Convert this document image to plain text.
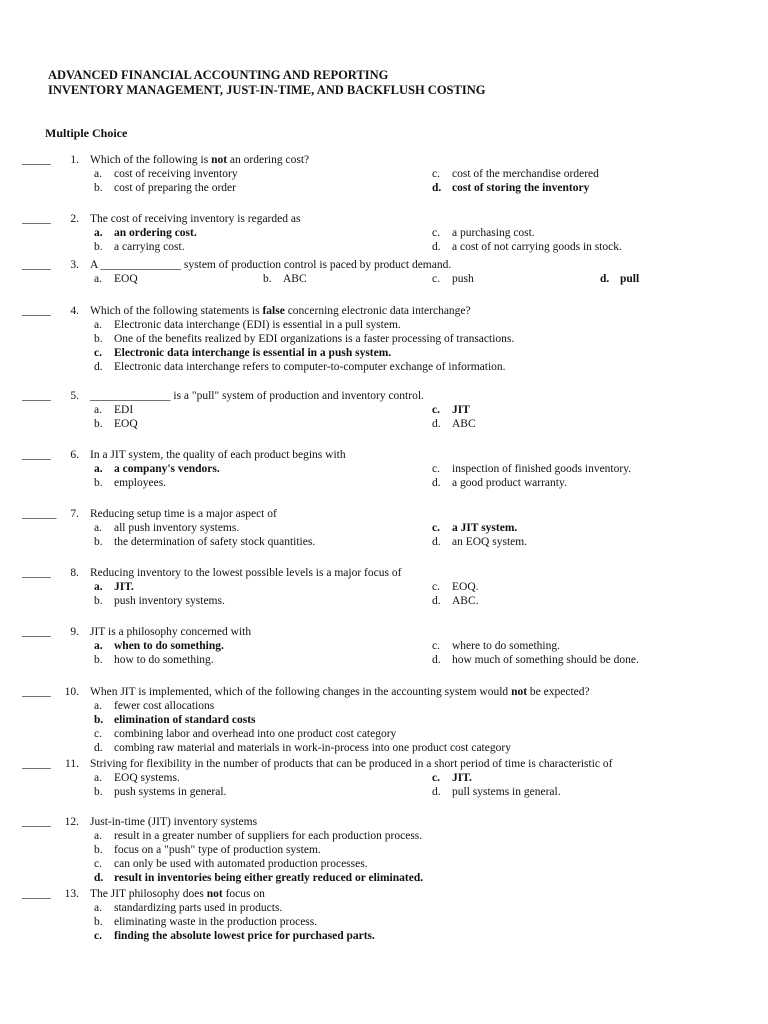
ADVANCED FINANCIAL ACCOUNTING AND REPORTING
INVENTORY MANAGEMENT, JUST-IN-TIME, AND BACKFLUSH COSTING
Multiple Choice
_____	1. Which of the following is not an ordering cost?
a. cost of receiving inventory	c. cost of the merchandise ordered
b. cost of preparing the order	d. cost of storing the inventory
_____	2. The cost of receiving inventory is regarded as
a. an ordering cost.	c. a purchasing cost.
b. a carrying cost.	d. a cost of not carrying goods in stock.
_____	3. A ______________ system of production control is paced by product demand.
a. EOQ	b. ABC	c. push	d. pull
_____	4. Which of the following statements is false concerning electronic data interchange?
a. Electronic data interchange (EDI) is essential in a pull system.
b. One of the benefits realized by EDI organizations is a faster processing of transactions.
c. Electronic data interchange is essential in a push system.
d. Electronic data interchange refers to computer-to-computer exchange of information.
_____	5. ______________ is a "pull" system of production and inventory control.
a. EDI	c. JIT
b. EOQ	d. ABC
_____	6. In a JIT system, the quality of each product begins with
a. a company's vendors.	c. inspection of finished goods inventory.
b. employees.	d. a good product warranty.
______	7. Reducing setup time is a major aspect of
a. all push inventory systems.	c. a JIT system.
b. the determination of safety stock quantities.	d. an EOQ system.
_____	8. Reducing inventory to the lowest possible levels is a major focus of
a. JIT.	c. EOQ.
b. push inventory systems.	d. ABC.
_____	9. JIT is a philosophy concerned with
a. when to do something.	c. where to do something.
b. how to do something.	d. how much of something should be done.
_____	10. When JIT is implemented, which of the following changes in the accounting system would not be expected?
a. fewer cost allocations
b. elimination of standard costs
c. combining labor and overhead into one product cost category
d. combing raw material and materials in work-in-process into one product cost category
_____	11. Striving for flexibility in the number of products that can be produced in a short period of time is characteristic of
a. EOQ systems.	c. JIT.
b. push systems in general.	d. pull systems in general.
_____	12. Just-in-time (JIT) inventory systems
a. result in a greater number of suppliers for each production process.
b. focus on a "push" type of production system.
c. can only be used with automated production processes.
d. result in inventories being either greatly reduced or eliminated.
_____	13. The JIT philosophy does not focus on
a. standardizing parts used in products.
b. eliminating waste in the production process.
c. finding the absolute lowest price for purchased parts.
